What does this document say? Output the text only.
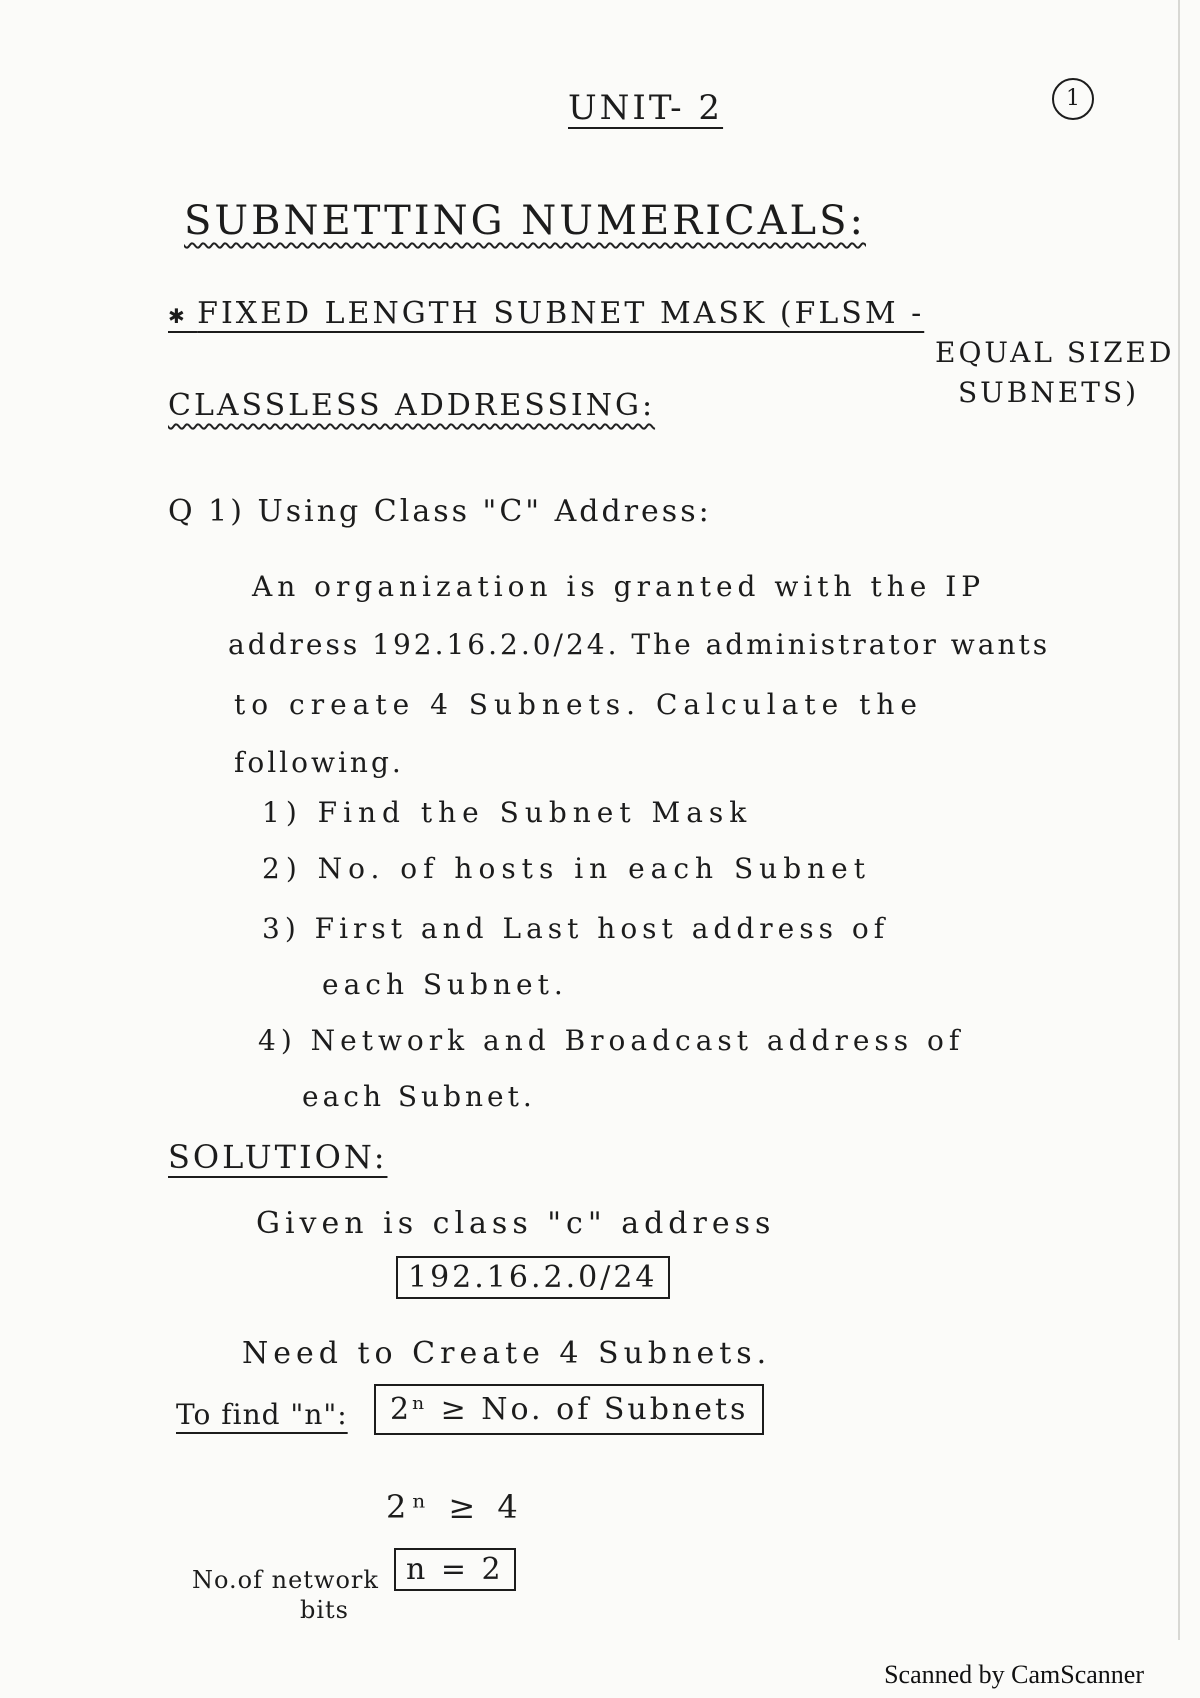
UNIT- 2	1
SUBNETTING NUMERICALS:
✱ FIXED LENGTH SUBNET MASK (FLSM -
EQUAL SIZED
SUBNETS)
CLASSLESS ADDRESSING:
Q 1) Using Class "C" Address:
An organization is granted with the IP
address 192.16.2.0/24. The administrator wants
to create 4 Subnets. Calculate the
following.
1) Find the Subnet Mask
2) No. of hosts in each Subnet
3) First and Last host address of
each Subnet.
4) Network and Broadcast address of
each Subnet.
SOLUTION:
Given is class "c" address
192.16.2.0/24
Need to Create 4 Subnets.
To find "n":	2ⁿ ≥ No. of Subnets
2ⁿ ≥ 4
No.of network
bits
n = 2
Scanned by CamScanner
